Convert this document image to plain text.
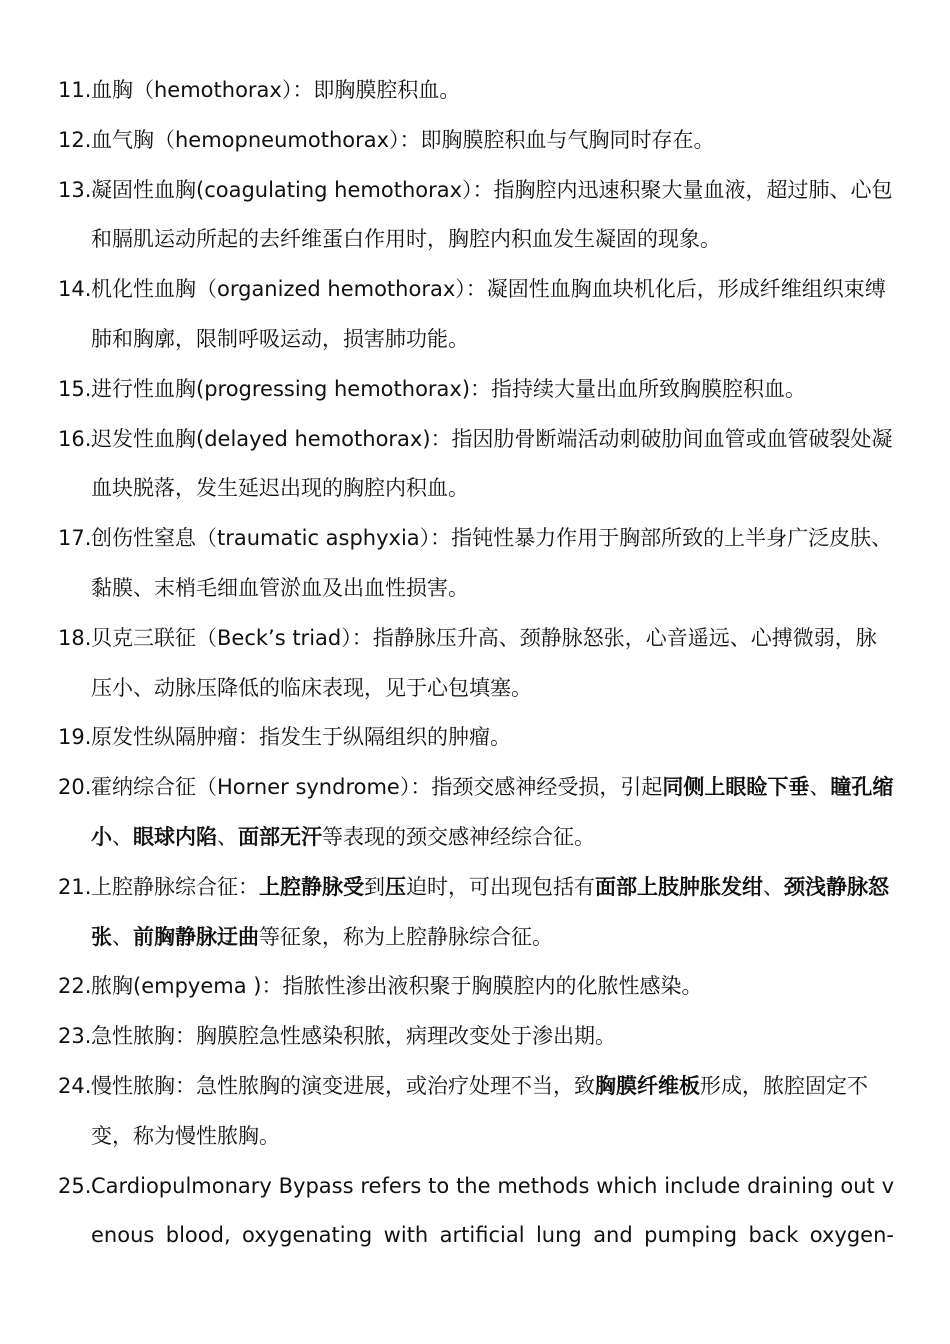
11.血胸（hemothorax）：即胸膜腔积血。
12.血气胸（hemopneumothorax）：即胸膜腔积血与气胸同时存在。
13.凝固性血胸(coagulating hemothorax）：指胸腔内迅速积聚大量血液，超过肺、心包和膈肌运动所起的去纤维蛋白作用时，胸腔内积血发生凝固的现象。
14.机化性血胸（organized hemothorax）：凝固性血胸血块机化后，形成纤维组织束缚肺和胸廓，限制呼吸运动，损害肺功能。
15.进行性血胸(progressing hemothorax)：指持续大量出血所致胸膜腔积血。
16.迟发性血胸(delayed hemothorax)：指因肋骨断端活动刺破肋间血管或血管破裂处凝血块脱落，发生延迟出现的胸腔内积血。
17.创伤性窒息（traumatic asphyxia）：指钝性暴力作用于胸部所致的上半身广泛皮肤、黏膜、末梢毛细血管淤血及出血性损害。
18.贝克三联征（Beck’s triad）：指静脉压升高、颈静脉怒张，心音遥远、心搏微弱，脉压小、动脉压降低的临床表现，见于心包填塞。
19.原发性纵隔肿瘤：指发生于纵隔组织的肿瘤。
20.霍纳综合征（Horner syndrome）：指颈交感神经受损，引起同侧上眼睑下垂、瞳孔缩小、眼球内陷、面部无汗等表现的颈交感神经综合征。
21.上腔静脉综合征：上腔静脉受到压迫时，可出现包括有面部上肢肿胀发绀、颈浅静脉怒张、前胸静脉迂曲等征象，称为上腔静脉综合征。
22.脓胸(empyema )：指脓性渗出液积聚于胸膜腔内的化脓性感染。
23.急性脓胸：胸膜腔急性感染积脓，病理改变处于渗出期。
24.慢性脓胸：急性脓胸的演变进展，或治疗处理不当，致胸膜纤维板形成，脓腔固定不变，称为慢性脓胸。
25.Cardiopulmonary Bypass refers to the methods which include draining out venous blood, oxygenating with artificial lung and pumping back oxygen-
